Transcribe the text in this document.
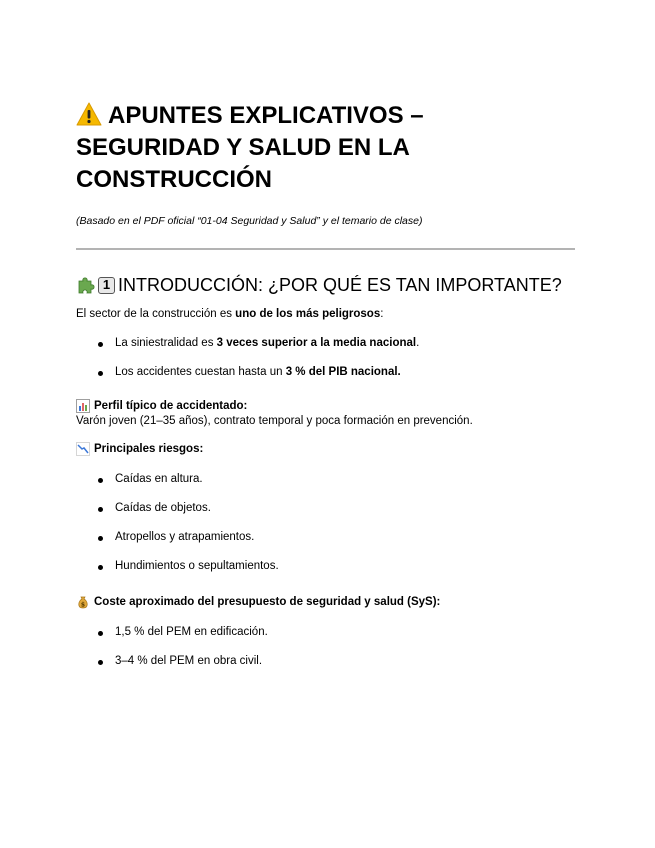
APUNTES EXPLICATIVOS –
SEGURIDAD Y SALUD EN LA
CONSTRUCCIÓN
(Basado en el PDF oficial “01-04 Seguridad y Salud” y el temario de clase)
1 INTRODUCCIÓN: ¿POR QUÉ ES TAN IMPORTANTE?
El sector de la construcción es uno de los más peligrosos:
La siniestralidad es 3 veces superior a la media nacional.
Los accidentes cuestan hasta un 3 % del PIB nacional.
Perfil típico de accidentado:
Varón joven (21–35 años), contrato temporal y poca formación en prevención.
Principales riesgos:
Caídas en altura.
Caídas de objetos.
Atropellos y atrapamientos.
Hundimientos o sepultamientos.
$ Coste aproximado del presupuesto de seguridad y salud (SyS):
1,5 % del PEM en edificación.
3–4 % del PEM en obra civil.
